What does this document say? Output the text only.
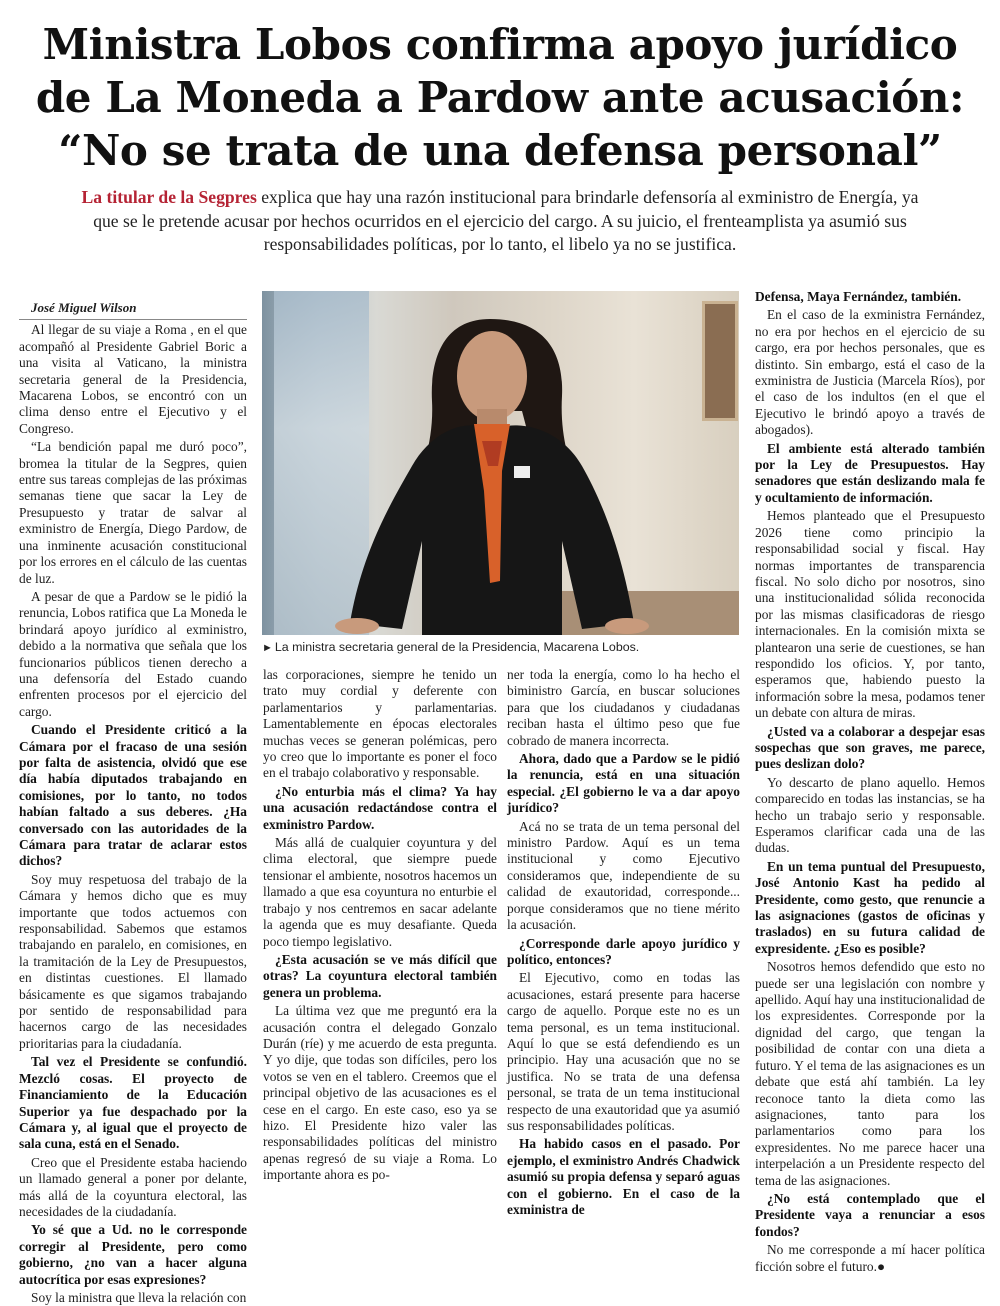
Ministra Lobos confirma apoyo jurídico
de La Moneda a Pardow ante acusación:
“No se trata de una defensa personal”

La titular de la Segpres explica que hay una razón institucional para brindarle defensoría al exministro de Energía, ya que se le pretende acusar por hechos ocurridos en el ejercicio del cargo. A su juicio, el frenteamplista ya asumió sus responsabilidades políticas, por lo tanto, el libelo ya no se justifica.

José Miguel Wilson

Al llegar de su viaje a Roma , en el que acompañó al Presidente Gabriel Boric a una visita al Vaticano, la ministra secretaria general de la Presidencia, Macarena Lobos, se encontró con un clima denso entre el Ejecutivo y el Congreso.

“La bendición papal me duró poco”, bromea la titular de la Segpres, quien entre sus tareas complejas de las próximas semanas tiene que sacar la Ley de Presupuesto y tratar de salvar al exministro de Energía, Diego Pardow, de una inminente acusación constitucional por los errores en el cálculo de las cuentas de luz.

A pesar de que a Pardow se le pidió la renuncia, Lobos ratifica que La Moneda le brindará apoyo jurídico al exministro, debido a la normativa que señala que los funcionarios públicos tienen derecho a una defensoría del Estado cuando enfrenten procesos por el ejercicio del cargo.

Cuando el Presidente criticó a la Cámara por el fracaso de una sesión por falta de asistencia, olvidó que ese día había diputados trabajando en comisiones, por lo tanto, no todos habían faltado a sus deberes. ¿Ha conversado con las autoridades de la Cámara para tratar de aclarar estos dichos?

Soy muy respetuosa del trabajo de la Cámara y hemos dicho que es muy importante que todos actuemos con responsabilidad. Sabemos que estamos trabajando en paralelo, en comisiones, en la tramitación de la Ley de Presupuestos, en distintas cuestiones. El llamado básicamente es que sigamos trabajando por sentido de responsabilidad para hacernos cargo de las necesidades prioritarias para la ciudadanía.

Tal vez el Presidente se confundió. Mezcló cosas. El proyecto de Financiamiento de la Educación Superior ya fue despachado por la Cámara y, al igual que el proyecto de sala cuna, está en el Senado.

Creo que el Presidente estaba haciendo un llamado general a poner por delante, más allá de la coyuntura electoral, las necesidades de la ciudadanía.

Yo sé que a Ud. no le corresponde corregir al Presidente, pero como gobierno, ¿no van a hacer alguna autocrítica por esas expresiones?

Soy la ministra que lleva la relación con

► La ministra secretaria general de la Presidencia, Macarena Lobos.

las corporaciones, siempre he tenido un trato muy cordial y deferente con parlamentarios y parlamentarias. Lamentablemente en épocas electorales muchas veces se generan polémicas, pero yo creo que lo importante es poner el foco en el trabajo colaborativo y responsable.

¿No enturbia más el clima? Ya hay una acusación redactándose contra el exministro Pardow.

Más allá de cualquier coyuntura y del clima electoral, que siempre puede tensionar el ambiente, nosotros hacemos un llamado a que esa coyuntura no enturbie el trabajo y nos centremos en sacar adelante la agenda que es muy desafiante. Queda poco tiempo legislativo.

¿Esta acusación se ve más difícil que otras? La coyuntura electoral también genera un problema.

La última vez que me preguntó era la acusación contra el delegado Gonzalo Durán (ríe) y me acuerdo de esta pregunta. Y yo dije, que todas son difíciles, pero los votos se ven en el tablero. Creemos que el principal objetivo de las acusaciones es el cese en el cargo. En este caso, eso ya se hizo. El Presidente hizo valer las responsabilidades políticas del ministro apenas regresó de su viaje a Roma. Lo importante ahora es po-

ner toda la energía, como lo ha hecho el biministro García, en buscar soluciones para que los ciudadanos y ciudadanas reciban hasta el último peso que fue cobrado de manera incorrecta.

Ahora, dado que a Pardow se le pidió la renuncia, está en una situación especial. ¿El gobierno le va a dar apoyo jurídico?

Acá no se trata de un tema personal del ministro Pardow. Aquí es un tema institucional y como Ejecutivo consideramos que, independiente de su calidad de exautoridad, corresponde... porque consideramos que no tiene mérito la acusación.

¿Corresponde darle apoyo jurídico y político, entonces?

El Ejecutivo, como en todas las acusaciones, estará presente para hacerse cargo de aquello. Porque este no es un tema personal, es un tema institucional. Aquí lo que se está defendiendo es un principio. Hay una acusación que no se justifica. No se trata de una defensa personal, se trata de un tema institucional respecto de una exautoridad que ya asumió sus responsabilidades políticas.

Ha habido casos en el pasado. Por ejemplo, el exministro Andrés Chadwick asumió su propia defensa y separó aguas con el gobierno. En el caso de la exministra de

Defensa, Maya Fernández, también.

En el caso de la exministra Fernández, no era por hechos en el ejercicio de su cargo, era por hechos personales, que es distinto. Sin embargo, está el caso de la exministra de Justicia (Marcela Ríos), por el caso de los indultos (en el que el Ejecutivo le brindó apoyo a través de abogados).

El ambiente está alterado también por la Ley de Presupuestos. Hay senadores que están deslizando mala fe y ocultamiento de información.

Hemos planteado que el Presupuesto 2026 tiene como principio la responsabilidad social y fiscal. Hay normas importantes de transparencia fiscal. No solo dicho por nosotros, sino una institucionalidad sólida reconocida por las mismas clasificadoras de riesgo internacionales. En la comisión mixta se plantearon una serie de cuestiones, se han respondido los oficios. Y, por tanto, esperamos que, habiendo puesto la información sobre la mesa, podamos tener un debate con altura de miras.

¿Usted va a colaborar a despejar esas sospechas que son graves, me parece, pues deslizan dolo?

Yo descarto de plano aquello. Hemos comparecido en todas las instancias, se ha hecho un trabajo serio y responsable. Esperamos clarificar cada una de las dudas.

En un tema puntual del Presupuesto, José Antonio Kast ha pedido al Presidente, como gesto, que renuncie a las asignaciones (gastos de oficinas y traslados) en su futura calidad de expresidente. ¿Eso es posible?

Nosotros hemos defendido que esto no puede ser una legislación con nombre y apellido. Aquí hay una institucionalidad de los expresidentes. Corresponde por la dignidad del cargo, que tengan la posibilidad de contar con una dieta a futuro. Y el tema de las asignaciones es un debate que está ahí también. La ley reconoce tanto la dieta como las asignaciones, tanto para los parlamentarios como para los expresidentes. No me parece hacer una interpelación a un Presidente respecto del tema de las asignaciones.

¿No está contemplado que el Presidente vaya a renunciar a esos fondos?

No me corresponde a mí hacer política ficción sobre el futuro.●
